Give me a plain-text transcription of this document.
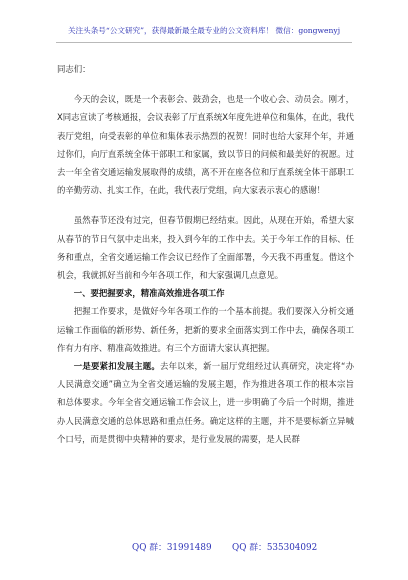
关注头条号“公文研究”，获得最新最全最专业的公文资料库！ 微信：gongwenyj

同志们：

今天的会议，既是一个表彰会、鼓劲会，也是一个收心会、动员会。刚才，X同志宣读了考核通报，会议表彰了厅直系统X年度先进单位和集体，在此，我代表厅党组，向受表彰的单位和集体表示热烈的祝贺！同时也给大家拜个年，并通过你们，向厅直系统全体干部职工和家属，致以节日的问候和最美好的祝愿。过去一年全省交通运输发展取得的成绩，离不开在座各位和厅直系统全体干部职工的辛勤劳动、扎实工作，在此，我代表厅党组，向大家表示衷心的感谢！

虽然春节还没有过完，但春节假期已经结束。因此，从现在开始，希望大家从春节的节日气氛中走出来，投入到今年的工作中去。关于今年工作的目标、任务和重点，全省交通运输工作会议已经作了全面部署，今天我不再重复。借这个机会，我就抓好当前和今年各项工作，和大家强调几点意见。

一、要把握要求，精准高效推进各项工作

把握工作要求，是做好今年各项工作的一个基本前提。我们要深入分析交通运输工作面临的新形势、新任务，把新的要求全面落实到工作中去，确保各项工作有力有序、精准高效推进。有三个方面请大家认真把握。

一是要紧扣发展主题。去年以来，新一届厅党组经过认真研究，决定将“办人民满意交通”确立为全省交通运输的发展主题，作为推进各项工作的根本宗旨和总体要求。今年全省交通运输工作会议上，进一步明确了今后一个时期，推进办人民满意交通的总体思路和重点任务。确定这样的主题，并不是要标新立异喊个口号，而是贯彻中央精神的要求，是行业发展的需要，是人民群

QQ 群：31991489 QQ 群：535304092
